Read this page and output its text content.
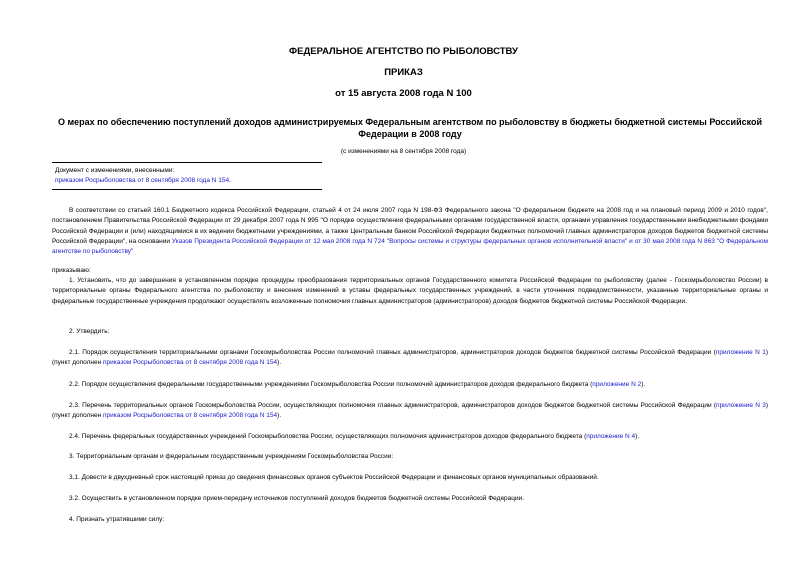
ФЕДЕРАЛЬНОЕ АГЕНТСТВО ПО РЫБОЛОВСТВУ
ПРИКАЗ
от 15 августа 2008 года N 100
О мерах по обеспечению поступлений доходов администрируемых Федеральным агентством по рыболовству в бюджеты бюджетной системы Российской Федерации в 2008 году
(с изменениями на 8 сентября 2008 года)
Документ с изменениями, внесенными:
приказом Росрыболовства от 8 сентября 2008 года N 154.
В соответствии со статьей 160.1 Бюджетного кодекса Российской Федерации, статьей 4 от 24 июля 2007 года N 198-ФЗ Федерального закона "О федеральном бюджете на 2008 год и на плановый период 2009 и 2010 годов", постановлением Правительства Российской Федерации от 29 декабря 2007 года N 995 "О порядке осуществления федеральными органами государственной власти, органами управления государственными внебюджетными фондами Российской Федерации и (или) находящимися в их ведении бюджетными учреждениями, а также Центральным банком Российской Федерации бюджетных полномочий главных администраторов доходов бюджетов бюджетной системы Российской Федерации", на основании Указов Президента Российской Федерации от 12 мая 2008 года N 724 "Вопросы системы и структуры федеральных органов исполнительной власти" и от 30 мая 2008 года N 863 "О Федеральном агентстве по рыболовству"
приказываю:
1. Установить, что до завершения в установленном порядке процедуры преобразования территориальных органов Государственного комитета Российской Федерации по рыболовству (далее - Госкомрыболовство России) в территориальные органы Федерального агентства по рыболовству и внесения изменений в уставы федеральных государственных учреждений, в части уточнения подведомственности, указанные территориальные органы и федеральные государственные учреждения продолжают осуществлять возложенные полномочия главных администраторов (администраторов) доходов бюджетов бюджетной системы Российской Федерации.
2. Утвердить:
2.1. Порядок осуществления территориальными органами Госкомрыболовства России полномочий главных администраторов, администраторов доходов бюджетов бюджетной системы Российской Федерации (приложение N 1) (пункт дополнен приказом Росрыболовства от 8 сентября 2008 года N 154).
2.2. Порядок осуществления федеральными государственными учреждениями Госкомрыболовства России полномочий администраторов доходов федерального бюджета (приложение N 2).
2.3. Перечень территориальных органов Госкомрыболовства России, осуществляющих полномочия главных администраторов, администраторов доходов бюджетов бюджетной системы Российской Федерации (приложение N 3) (пункт дополнен приказом Росрыболовства от 8 сентября 2008 года N 154).
2.4. Перечень федеральных государственных учреждений Госкомрыболовства России, осуществляющих полномочия администраторов доходов федерального бюджета (приложение N 4).
3. Территориальным органам и федеральным государственным учреждениям Госкомрыболовства России:
3.1. Довести в двухдневный срок настоящий приказ до сведения финансовых органов субъектов Российской Федерации и финансовых органов муниципальных образований.
3.2. Осуществить в установленном порядке прием-передачу источников поступлений доходов бюджетов бюджетной системы Российской Федерации.
4. Признать утратившими силу:
